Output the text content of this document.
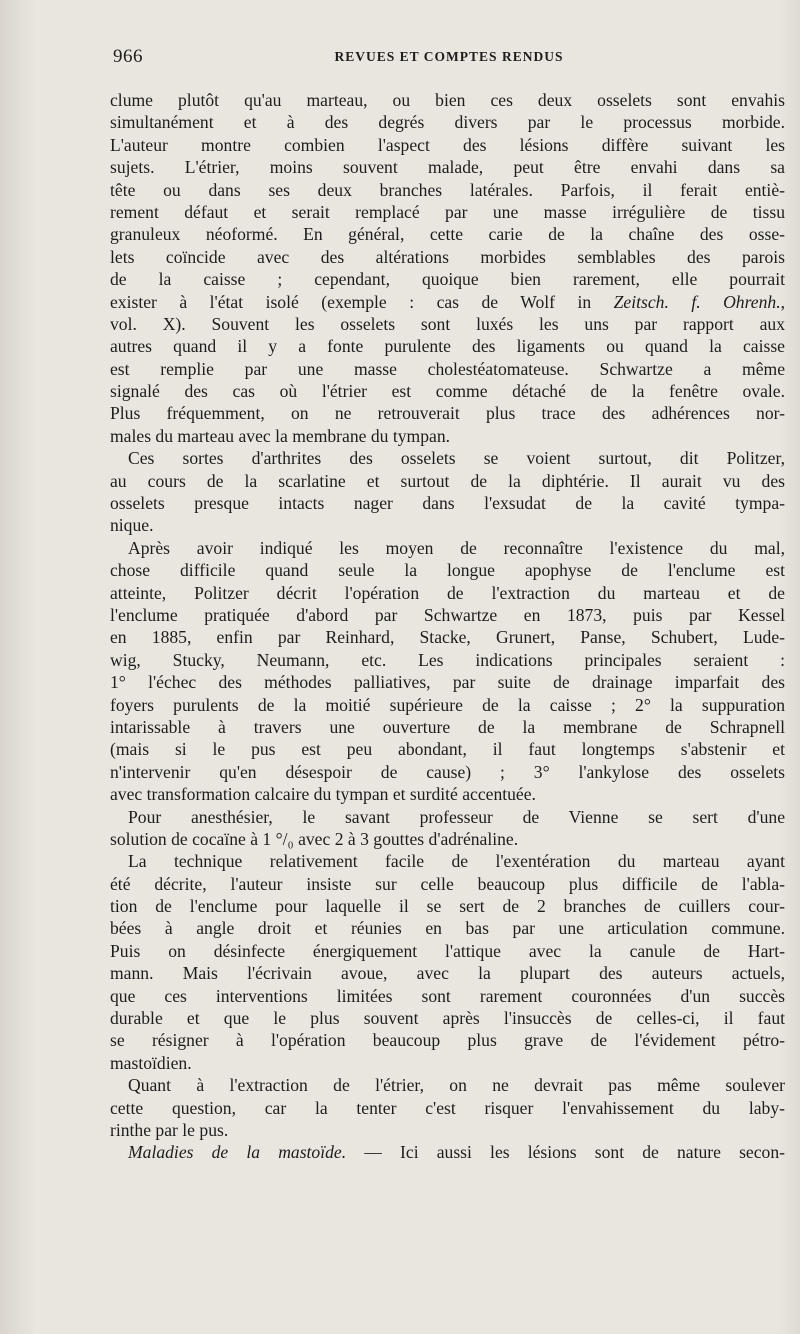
966	REVUES ET COMPTES RENDUS
clume plutôt qu'au marteau, ou bien ces deux osselets sont envahis
simultanément et à des degrés divers par le processus morbide.
L'auteur montre combien l'aspect des lésions diffère suivant les
sujets. L'étrier, moins souvent malade, peut être envahi dans sa
tête ou dans ses deux branches latérales. Parfois, il ferait entiè-
rement défaut et serait remplacé par une masse irrégulière de tissu
granuleux néoformé. En général, cette carie de la chaîne des osse-
lets coïncide avec des altérations morbides semblables des parois
de la caisse ; cependant, quoique bien rarement, elle pourrait
exister à l'état isolé (exemple : cas de Wolf in Zeitsch. f. Ohrenh.,
vol. X). Souvent les osselets sont luxés les uns par rapport aux
autres quand il y a fonte purulente des ligaments ou quand la caisse
est remplie par une masse cholestéatomateuse. Schwartze a même
signalé des cas où l'étrier est comme détaché de la fenêtre ovale.
Plus fréquemment, on ne retrouverait plus trace des adhérences nor-
males du marteau avec la membrane du tympan.
Ces sortes d'arthrites des osselets se voient surtout, dit Politzer,
au cours de la scarlatine et surtout de la diphtérie. Il aurait vu des
osselets presque intacts nager dans l'exsudat de la cavité tympa-
nique.
Après avoir indiqué les moyen de reconnaître l'existence du mal,
chose difficile quand seule la longue apophyse de l'enclume est
atteinte, Politzer décrit l'opération de l'extraction du marteau et de
l'enclume pratiquée d'abord par Schwartze en 1873, puis par Kessel
en 1885, enfin par Reinhard, Stacke, Grunert, Panse, Schubert, Lude-
wig, Stucky, Neumann, etc. Les indications principales seraient :
1° l'échec des méthodes palliatives, par suite de drainage imparfait des
foyers purulents de la moitié supérieure de la caisse ; 2° la suppuration
intarissable à travers une ouverture de la membrane de Schrapnell
(mais si le pus est peu abondant, il faut longtemps s'abstenir et
n'intervenir qu'en désespoir de cause) ; 3° l'ankylose des osselets
avec transformation calcaire du tympan et surdité accentuée.
Pour anesthésier, le savant professeur de Vienne se sert d'une
solution de cocaïne à 1 °/₀ avec 2 à 3 gouttes d'adrénaline.
La technique relativement facile de l'exentération du marteau ayant
été décrite, l'auteur insiste sur celle beaucoup plus difficile de l'abla-
tion de l'enclume pour laquelle il se sert de 2 branches de cuillers cour-
bées à angle droit et réunies en bas par une articulation commune.
Puis on désinfecte énergiquement l'attique avec la canule de Hart-
mann. Mais l'écrivain avoue, avec la plupart des auteurs actuels,
que ces interventions limitées sont rarement couronnées d'un succès
durable et que le plus souvent après l'insuccès de celles-ci, il faut
se résigner à l'opération beaucoup plus grave de l'évidement pétro-
mastoïdien.
Quant à l'extraction de l'étrier, on ne devrait pas même soulever
cette question, car la tenter c'est risquer l'envahissement du laby-
rinthe par le pus.
Maladies de la mastoïde. — Ici aussi les lésions sont de nature secon-
